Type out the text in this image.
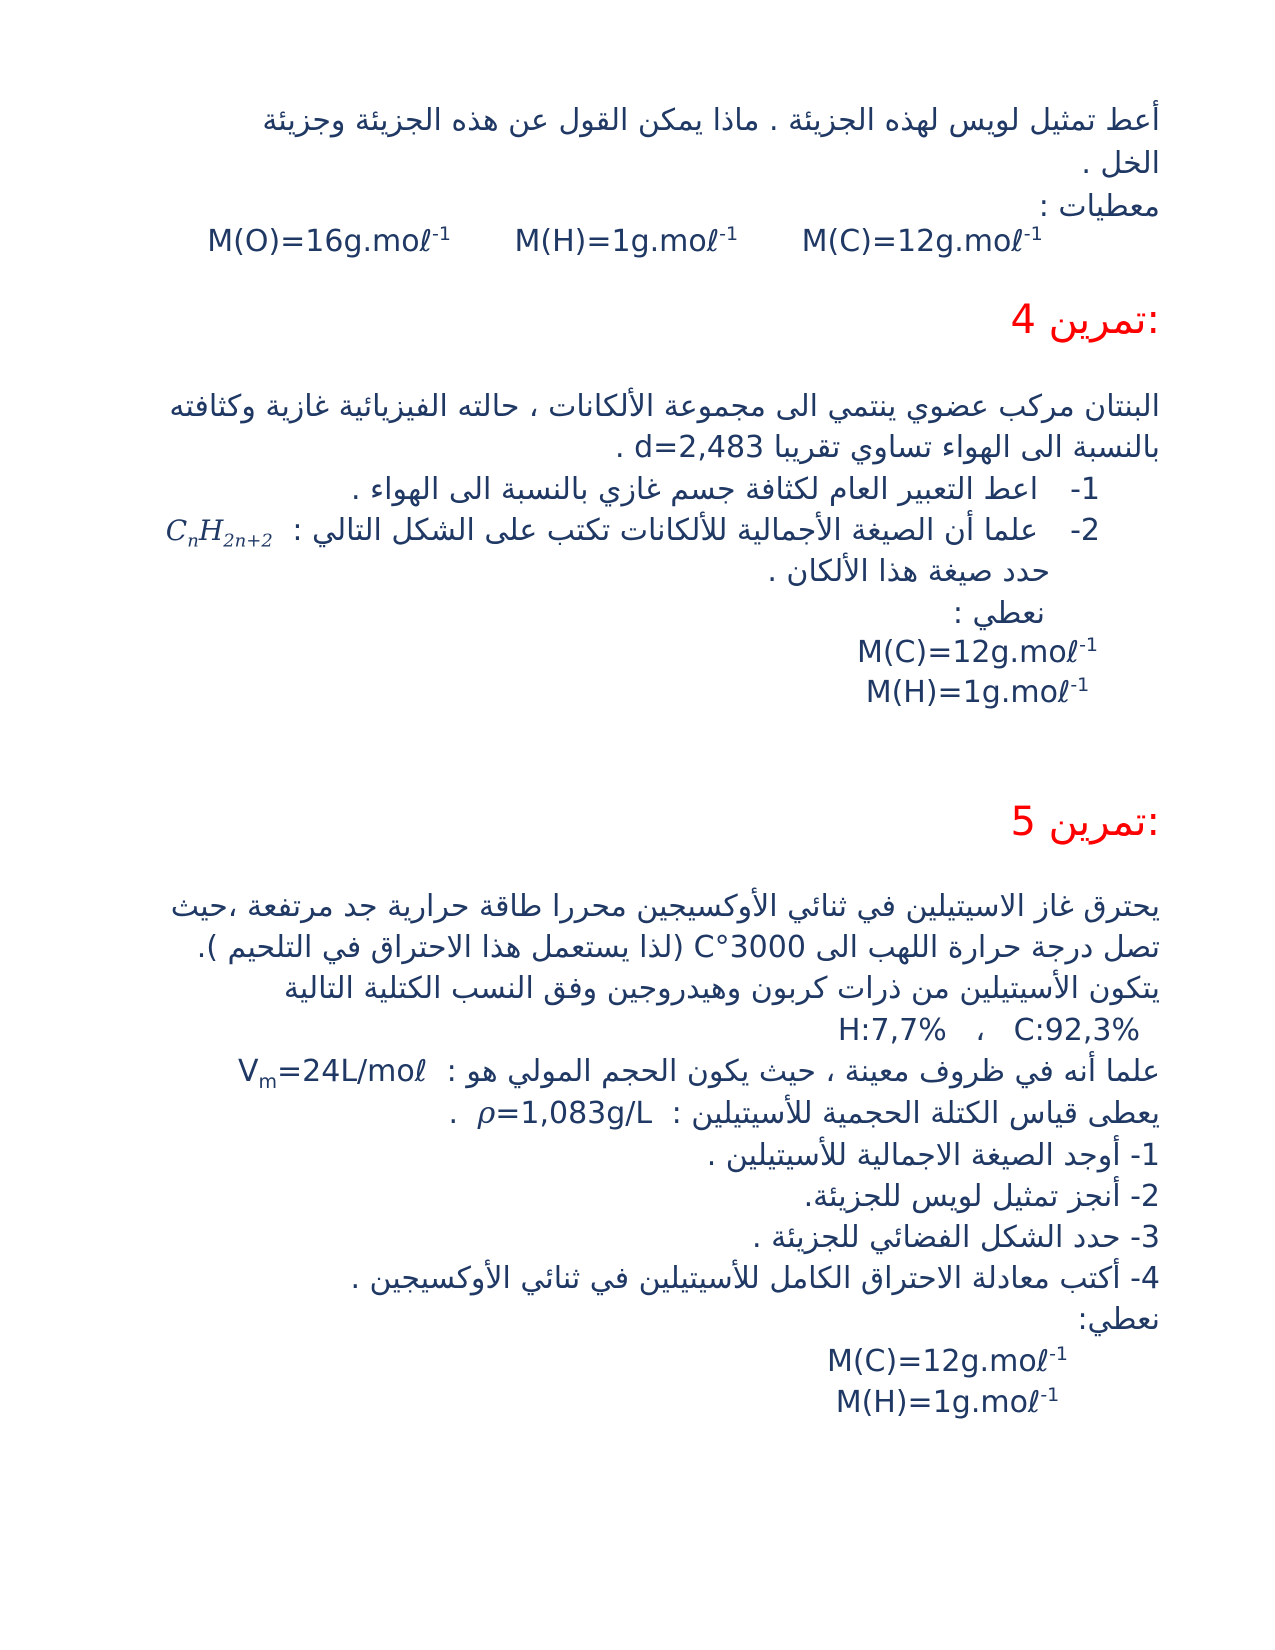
أعط تمثيل لويس لهذه الجزيئة . ماذا يمكن القول عن هذه الجزيئة وجزيئة
الخل .
معطيات :
M(O)=16g.moℓ$^{-1}$ M(H)=1g.moℓ$^{-1}$ M(C)=12g.moℓ$^{-1}$
تمرين 4:
البنتان مركب عضوي ينتمي الى مجموعة الألكانات ، حالته الفيزيائية غازية وكثافته
بالنسبة الى الهواء تساوي تقريبا d=2,483 .
1-اعط التعبير العام لكثافة جسم غازي بالنسبة الى الهواء .
2-علما أن الصيغة الأجمالية للألكانات تكتب على الشكل التالي : $C_nH_{2n+2}$
حدد صيغة هذا الألكان .
نعطي :
M(C)=12g.moℓ$^{-1}$
M(H)=1g.moℓ$^{-1}$
تمرين 5:
يحترق غاز الاسيتيلين في ثنائي الأوكسيجين محررا طاقة حرارية جد مرتفعة ،حيث
تصل درجة حرارة اللهب الى 3000°C (لذا يستعمل هذا الاحتراق في التلحيم ).
يتكون الأسيتيلين من ذرات كربون وهيدروجين وفق النسب الكتلية التالية
H:7,7%   ،   C:92,3%
علما أنه في ظروف معينة ، حيث يكون الحجم المولي هو : $V_m=24L$/moℓ
يعطى قياس الكتلة الحجمية للأسيتيلين : ρ=1,083g/L .
1- أوجد الصيغة الاجمالية للأسيتيلين .
2- أنجز تمثيل لويس للجزيئة.
3- حدد الشكل الفضائي للجزيئة .
4- أكتب معادلة الاحتراق الكامل للأسيتيلين في ثنائي الأوكسيجين .
نعطي:
M(C)=12g.moℓ$^{-1}$
M(H)=1g.moℓ$^{-1}$
